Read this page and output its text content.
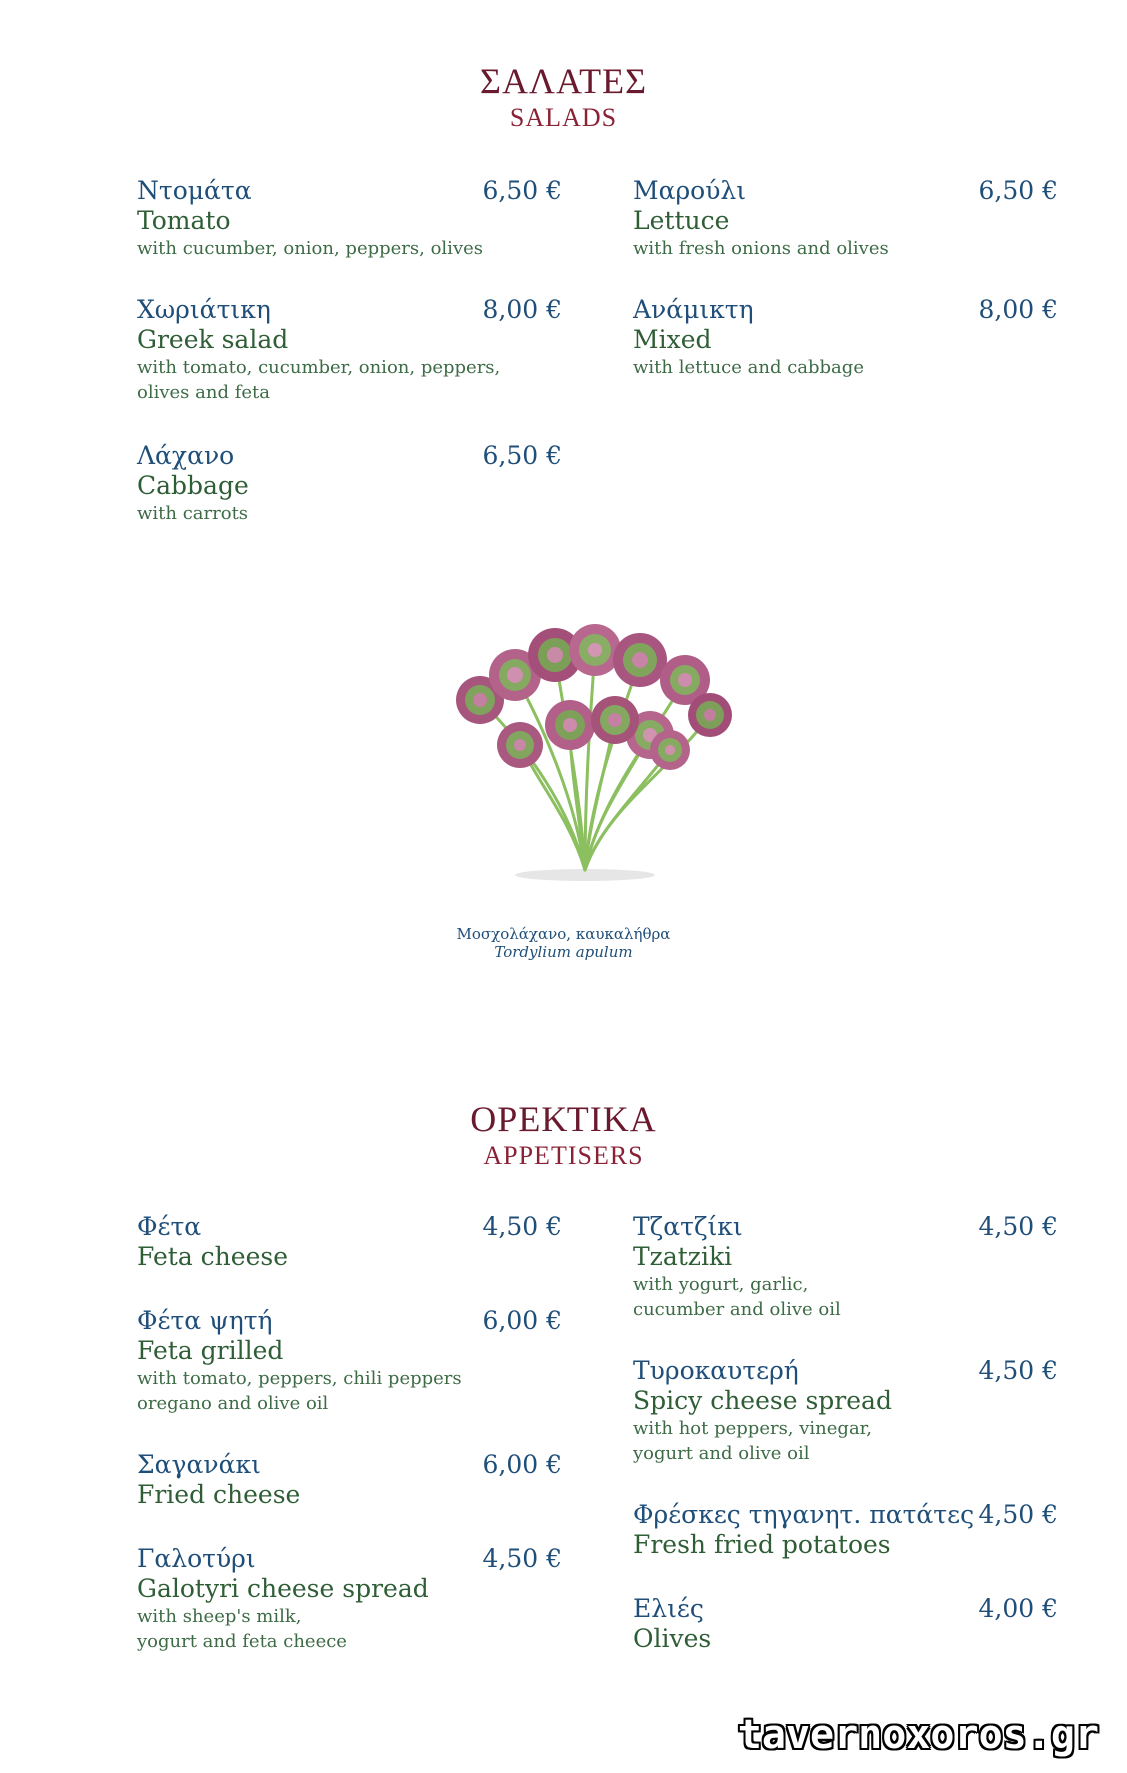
ΣΑΛΑΤΕΣ
SALADS
Ντομάτα	6,50 €
Tomato
with cucumber, onion, peppers, olives
Μαρούλι	6,50 €
Lettuce
with fresh onions and olives
Χωριάτικη	8,00 €
Greek salad
with tomato, cucumber, onion, peppers,
olives and feta
Ανάμικτη	8,00 €
Mixed
with lettuce and cabbage
Λάχανο	6,50 €
Cabbage
with carrots
Μοσχολάχανο, καυκαλήθρα
Tordylium apulum
ΟΡΕΚΤΙΚΑ
APPETISERS
Φέτα	4,50 €
Feta cheese
Τζατζίκι	4,50 €
Tzatziki
with yogurt, garlic,
cucumber and olive oil
Φέτα ψητή	6,00 €
Feta grilled
with tomato, peppers, chili peppers
oregano and olive oil
Τυροκαυτερή	4,50 €
Spicy cheese spread
with hot peppers, vinegar,
yogurt and olive oil
Σαγανάκι	6,00 €
Fried cheese
Φρέσκες τηγανητ. πατάτες 4,50 €
Fresh fried potatoes
Γαλοτύρι	4,50 €
Galotyri cheese spread
with sheep's milk,
yogurt and feta cheece
Ελιές	4,00 €
Olives
tavernoxoros.gr
